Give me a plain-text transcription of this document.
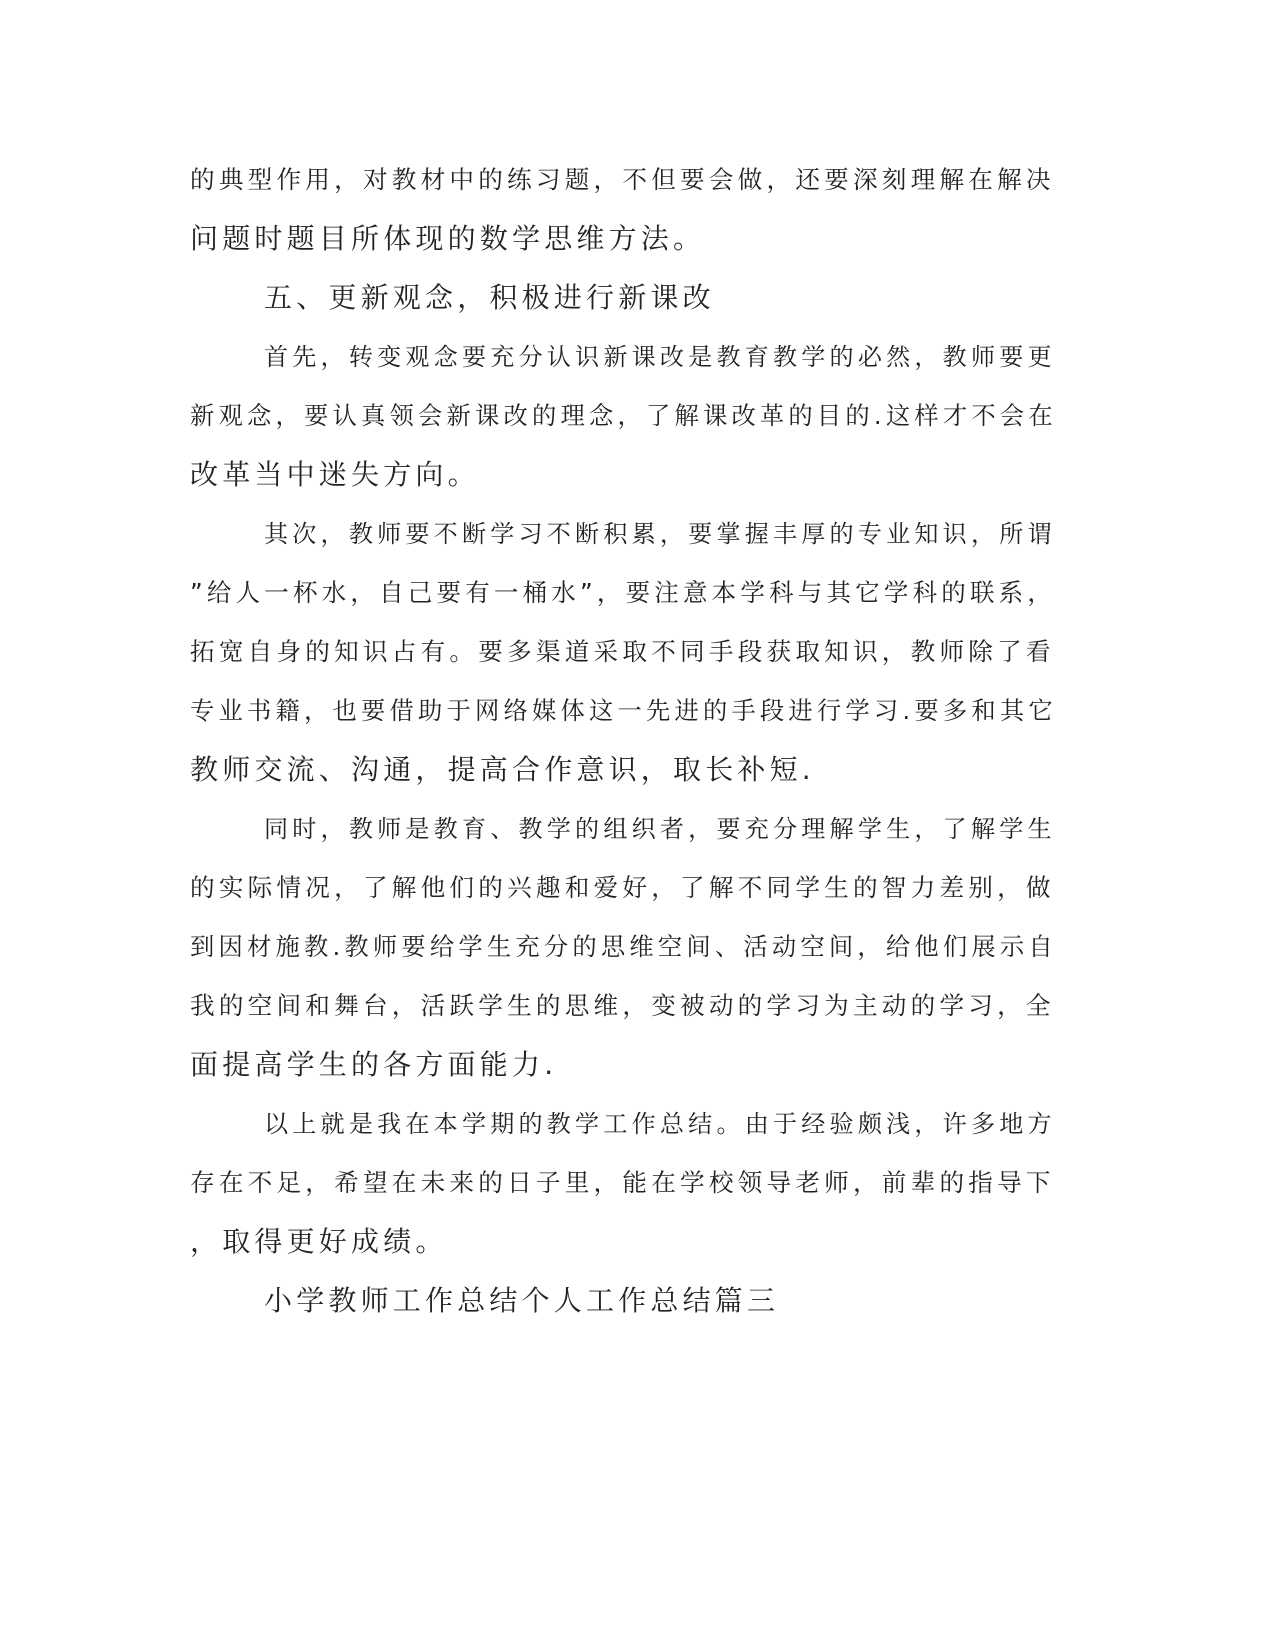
的典型作用，对教材中的练习题，不但要会做，还要深刻理解在解决
问题时题目所体现的数学思维方法。
五、更新观念，积极进行新课改
首先，转变观念要充分认识新课改是教育教学的必然，教师要更
新观念，要认真领会新课改的理念，了解课改革的目的.这样才不会在
改革当中迷失方向。
其次，教师要不断学习不断积累，要掌握丰厚的专业知识，所谓
”给人一杯水，自己要有一桶水”，要注意本学科与其它学科的联系，
拓宽自身的知识占有。要多渠道采取不同手段获取知识，教师除了看
专业书籍，也要借助于网络媒体这一先进的手段进行学习.要多和其它
教师交流、沟通，提高合作意识，取长补短.
同时，教师是教育、教学的组织者，要充分理解学生，了解学生
的实际情况，了解他们的兴趣和爱好，了解不同学生的智力差别，做
到因材施教.教师要给学生充分的思维空间、活动空间，给他们展示自
我的空间和舞台，活跃学生的思维，变被动的学习为主动的学习，全
面提高学生的各方面能力.
以上就是我在本学期的教学工作总结。由于经验颇浅，许多地方
存在不足，希望在未来的日子里，能在学校领导老师，前辈的指导下
，取得更好成绩。
小学教师工作总结个人工作总结篇三
